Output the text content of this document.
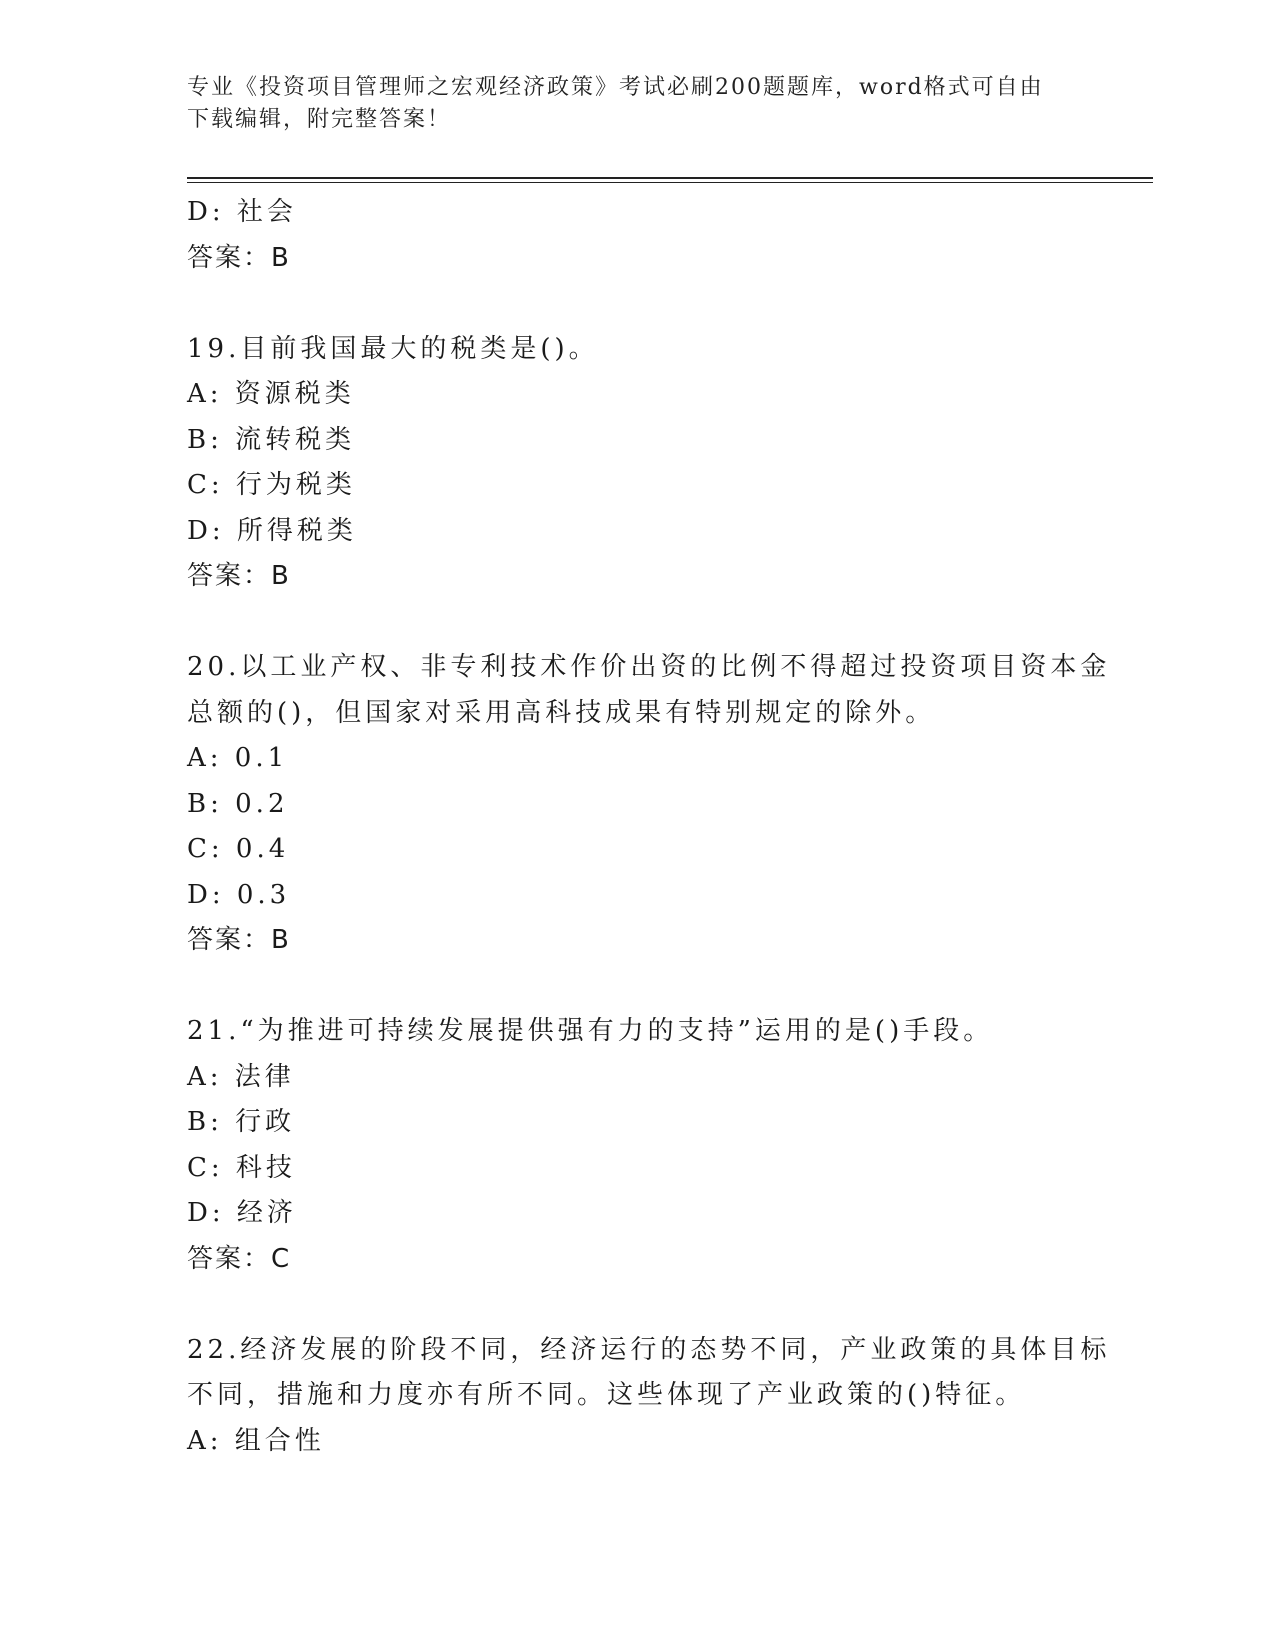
专业《投资项目管理师之宏观经济政策》考试必刷200题题库，word格式可自由
下载编辑，附完整答案！
D: 社会
答案：B
19.目前我国最大的税类是()。
A: 资源税类
B: 流转税类
C: 行为税类
D: 所得税类
答案：B
20.以工业产权、非专利技术作价出资的比例不得超过投资项目资本金
总额的()，但国家对采用高科技成果有特别规定的除外。
A: 0.1
B: 0.2
C: 0.4
D: 0.3
答案：B
21.“为推进可持续发展提供强有力的支持”运用的是()手段。
A: 法律
B: 行政
C: 科技
D: 经济
答案：C
22.经济发展的阶段不同，经济运行的态势不同，产业政策的具体目标
不同，措施和力度亦有所不同。这些体现了产业政策的()特征。
A: 组合性
